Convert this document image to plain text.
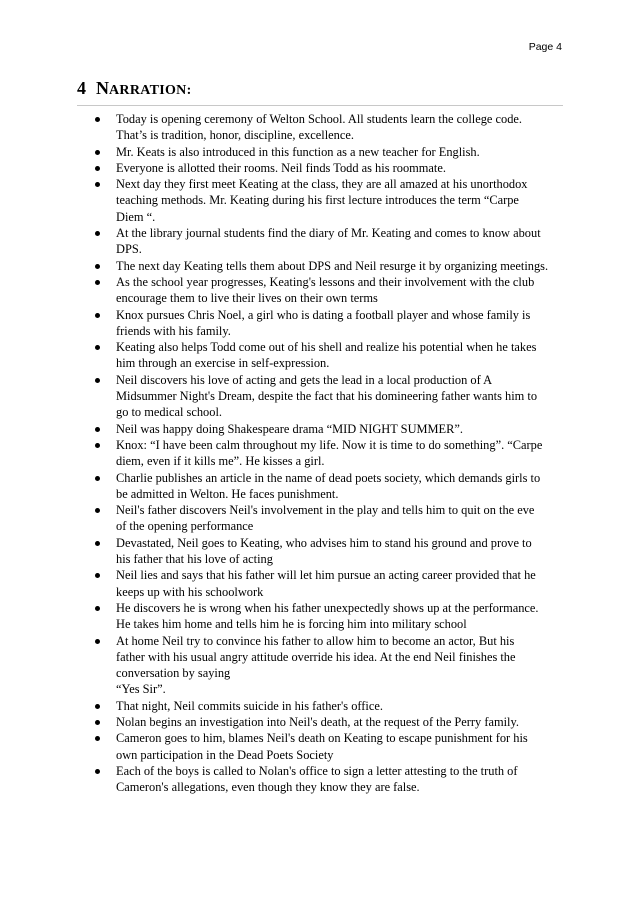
Page 4
4 NARRATION:
Today is opening ceremony of Welton School. All students learn the college code.
That’s is tradition, honor, discipline, excellence.
Mr. Keats is also introduced in this function as a new teacher for English.
Everyone is allotted their rooms. Neil finds Todd as his roommate.
Next day they first meet Keating at the class, they are all amazed at his unorthodox
teaching methods. Mr. Keating during his first lecture introduces the term “Carpe
Diem “.
At the library journal students find the diary of Mr. Keating and comes to know about
DPS.
The next day Keating tells them about DPS and Neil resurge it by organizing meetings.
As the school year progresses, Keating's lessons and their involvement with the club
encourage them to live their lives on their own terms
Knox pursues Chris Noel, a girl who is dating a football player and whose family is
friends with his family.
Keating also helps Todd come out of his shell and realize his potential when he takes
him through an exercise in self-expression.
Neil discovers his love of acting and gets the lead in a local production of A
Midsummer Night's Dream, despite the fact that his domineering father wants him to
go to medical school.
Neil was happy doing Shakespeare drama “MID NIGHT SUMMER”.
Knox: “I have been calm throughout my life. Now it is time to do something”. “Carpe
diem, even if it kills me”. He kisses a girl.
Charlie publishes an article in the name of dead poets society, which demands girls to
be admitted in Welton. He faces punishment.
Neil's father discovers Neil's involvement in the play and tells him to quit on the eve
of the opening performance
Devastated, Neil goes to Keating, who advises him to stand his ground and prove to
his father that his love of acting
Neil lies and says that his father will let him pursue an acting career provided that he
keeps up with his schoolwork
He discovers he is wrong when his father unexpectedly shows up at the performance.
He takes him home and tells him he is forcing him into military school
At home Neil try to convince his father to allow him to become an actor, But his
father with his usual angry attitude override his idea. At the end Neil finishes the
conversation by saying
“Yes Sir”.
That night, Neil commits suicide in his father's office.
Nolan begins an investigation into Neil's death, at the request of the Perry family.
Cameron goes to him, blames Neil's death on Keating to escape punishment for his
own participation in the Dead Poets Society
Each of the boys is called to Nolan's office to sign a letter attesting to the truth of
Cameron's allegations, even though they know they are false.
